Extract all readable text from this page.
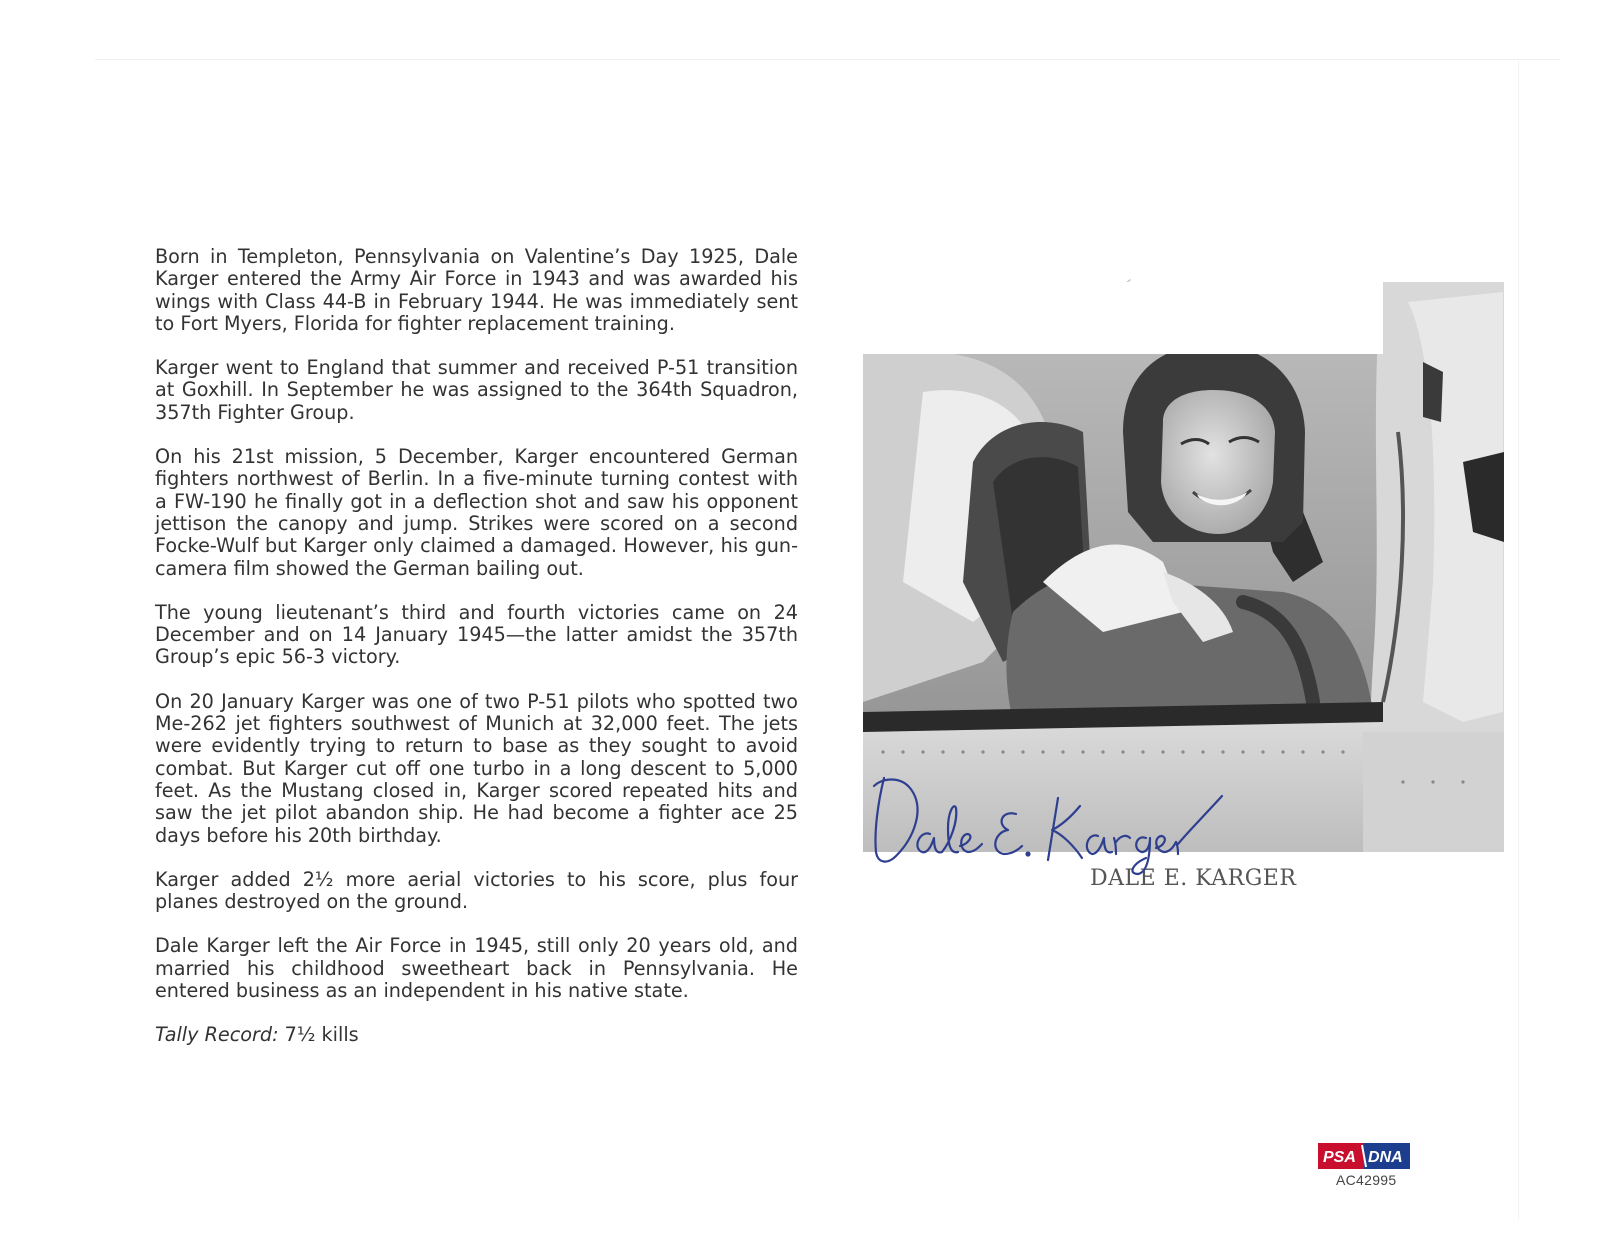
Born in Templeton, Pennsylvania on Valentine’s Day 1925, Dale Karger entered the Army Air Force in 1943 and was awarded his wings with Class 44-B in February 1944. He was immediately sent to Fort Myers, Florida for fighter replacement training.

Karger went to England that summer and received P-51 transition at Goxhill. In September he was assigned to the 364th Squadron, 357th Fighter Group.

On his 21st mission, 5 December, Karger encountered German fighters northwest of Berlin. In a five-minute turning contest with a FW-190 he finally got in a deflection shot and saw his opponent jettison the canopy and jump. Strikes were scored on a second Focke-Wulf but Karger only claimed a damaged. However, his gun-camera film showed the German bailing out.

The young lieutenant’s third and fourth victories came on 24 December and on 14 January 1945—the latter amidst the 357th Group’s epic 56-3 victory.

On 20 January Karger was one of two P-51 pilots who spotted two Me-262 jet fighters southwest of Munich at 32,000 feet. The jets were evidently trying to return to base as they sought to avoid combat. But Karger cut off one turbo in a long descent to 5,000 feet. As the Mustang closed in, Karger scored repeated hits and saw the jet pilot abandon ship. He had become a fighter ace 25 days before his 20th birthday.

Karger added 2½ more aerial victories to his score, plus four planes destroyed on the ground.

Dale Karger left the Air Force in 1945, still only 20 years old, and married his childhood sweetheart back in Pennsylvania. He entered business as an independent in his native state.

Tally Record: 7½ kills

DALE E. KARGER
PSA DNA
AC42995
